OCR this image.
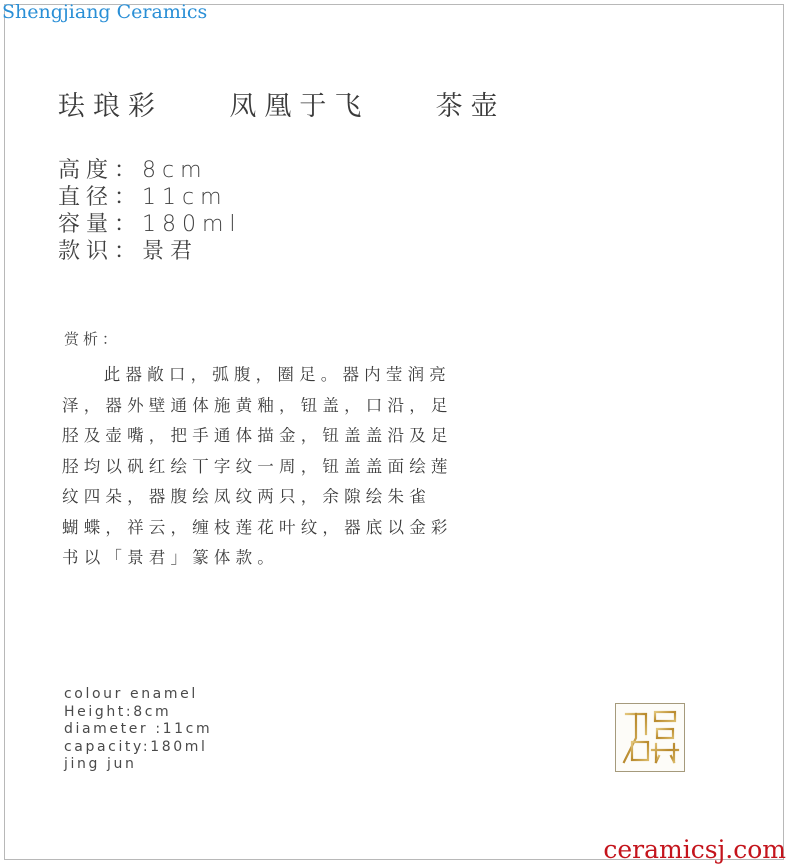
Shengjiang Ceramics
珐琅彩    凤凰于飞    茶壶
高度：8cm
直径：11cm
容量：180ml
款识：景君
赏析：
此器敞口，弧腹，圈足。器内莹润亮
泽，器外壁通体施黄釉，钮盖，口沿，足
胫及壶嘴，把手通体描金，钮盖盖沿及足
胫均以矾红绘丅字纹一周，钮盖盖面绘莲
纹四朵，器腹绘凤纹两只，余隙绘朱雀
蝴蝶，祥云，缠枝莲花叶纹，器底以金彩
书以「景君」篆体款。
colour enamel
Height:8cm
diameter :11cm
capacity:180ml
jing jun
ceramicsj.com
